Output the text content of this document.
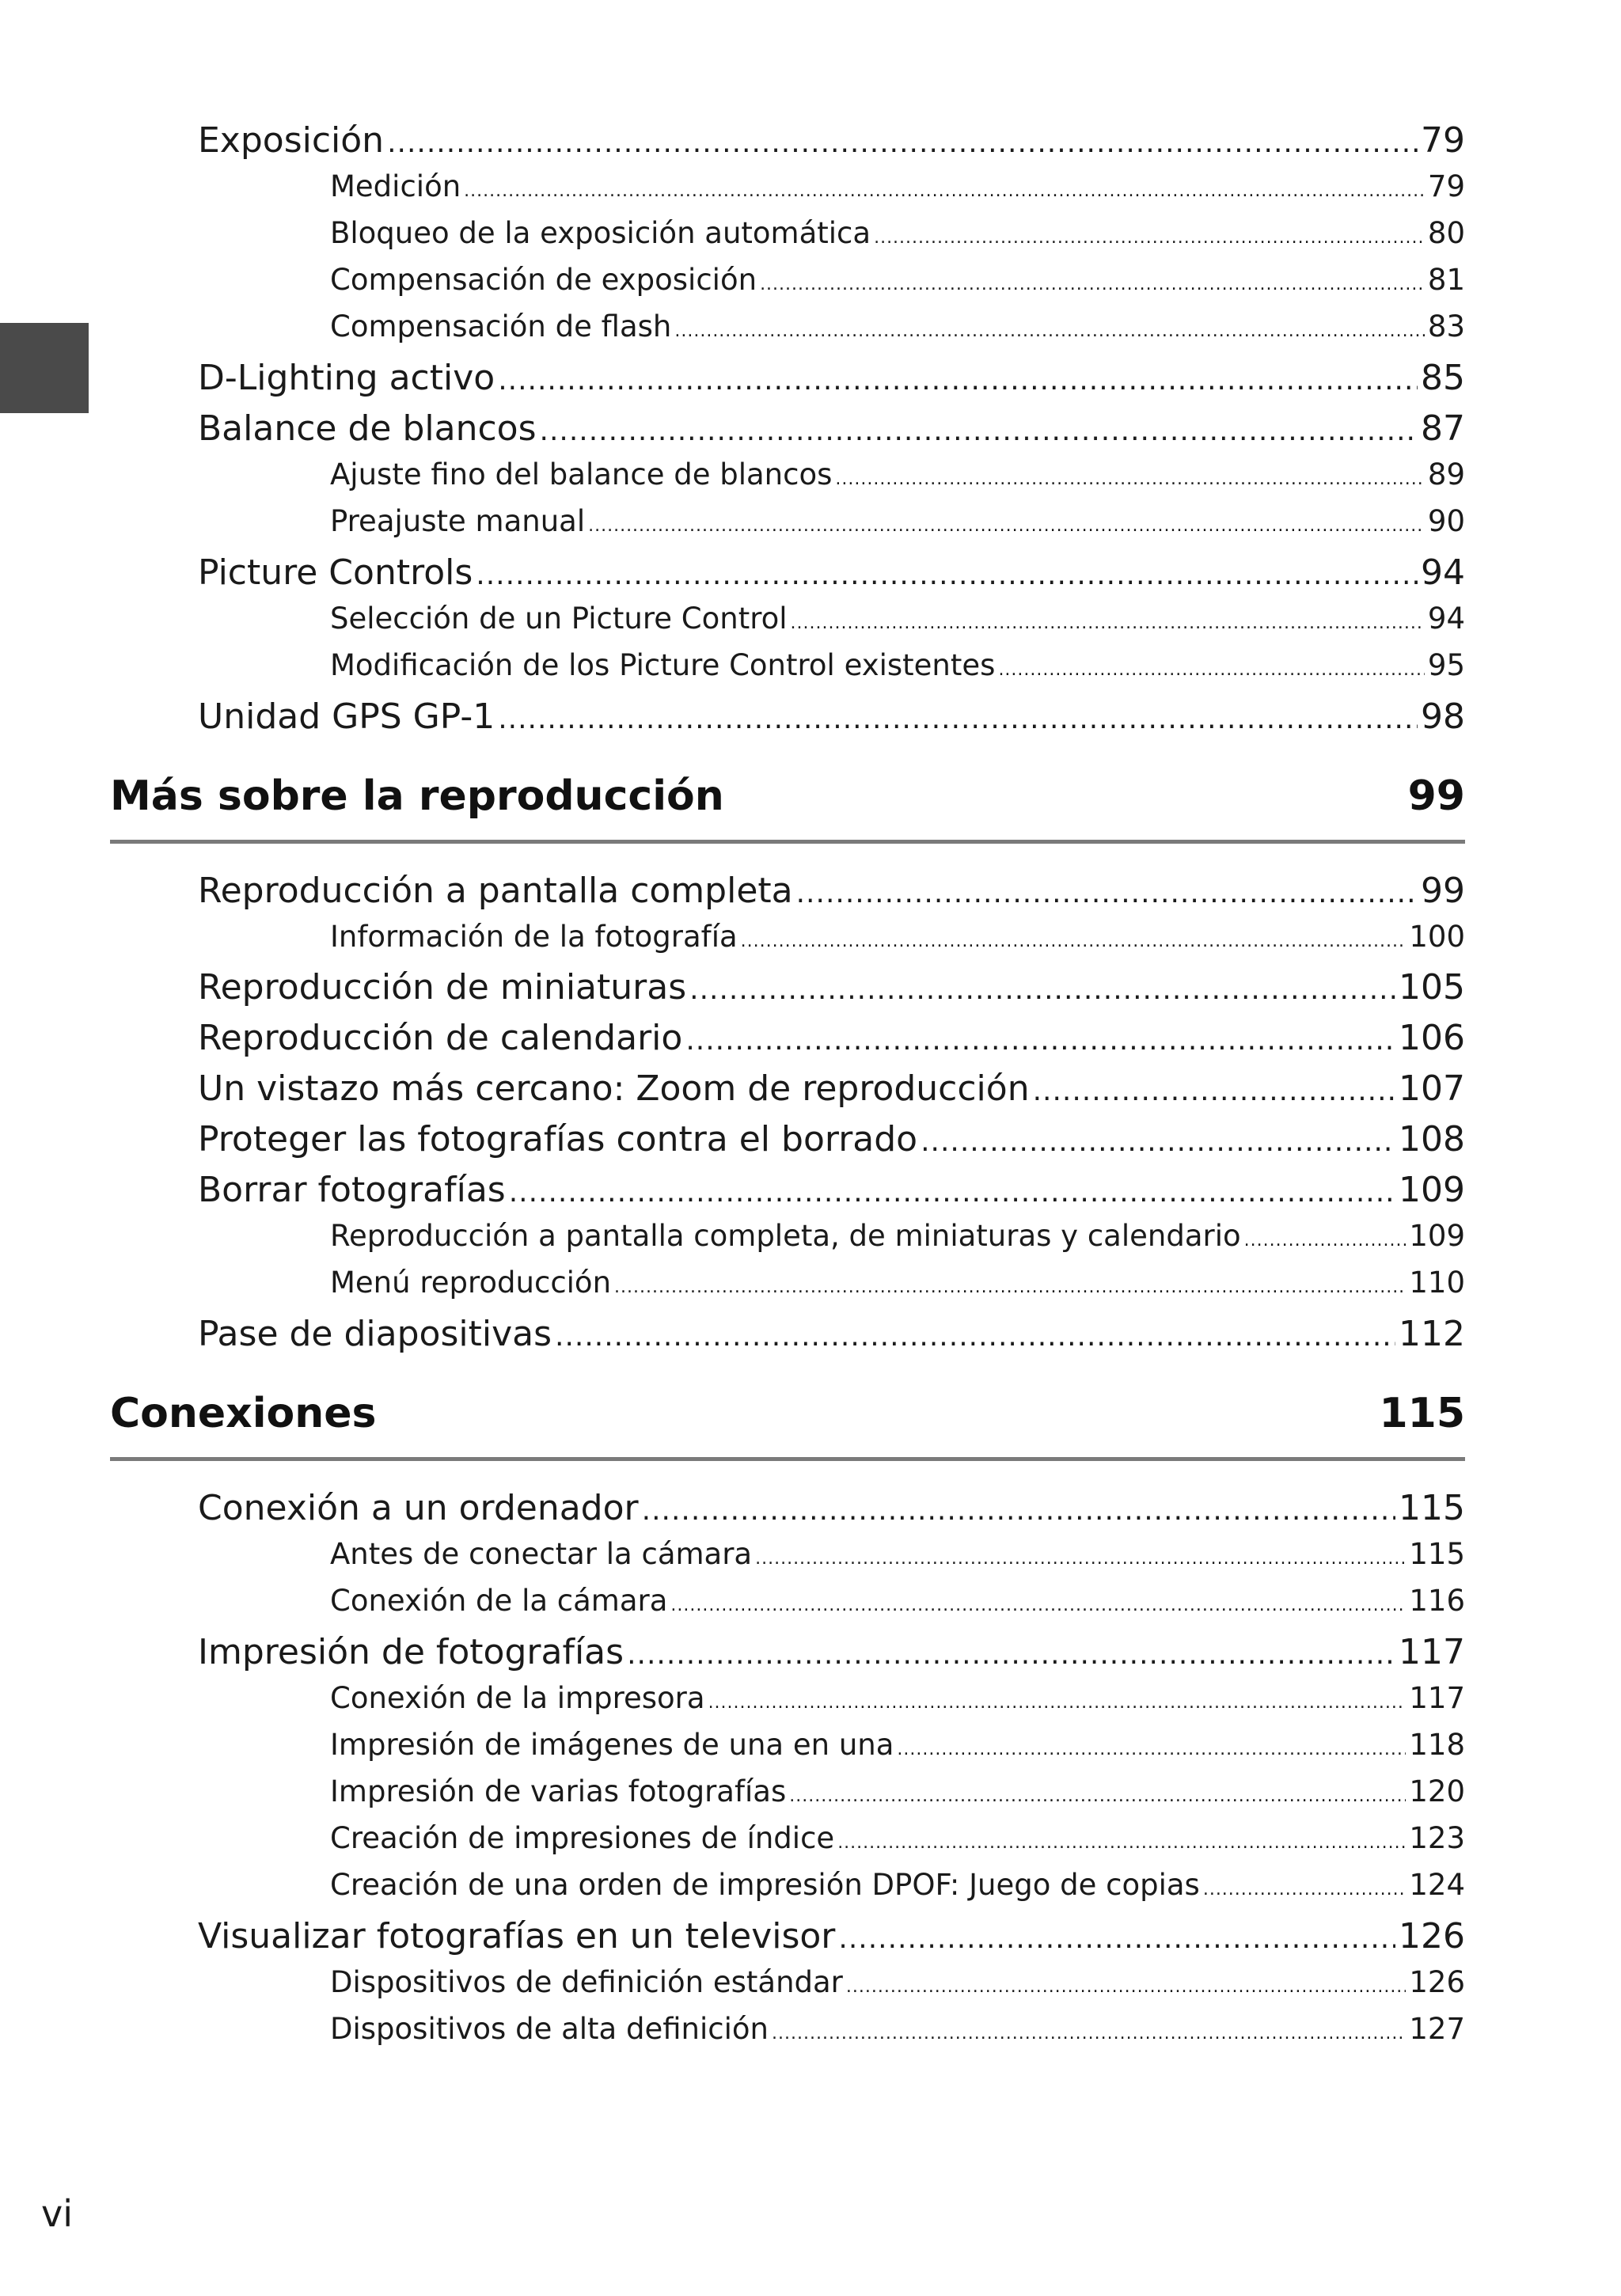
Exposición .....	79
Medición .....	79
Bloqueo de la exposición automática .....	80
Compensación de exposición .....	81
Compensación de flash .....	83
D-Lighting activo .....	85
Balance de blancos .....	87
Ajuste fino del balance de blancos .....	89
Preajuste manual .....	90
Picture Controls .....	94
Selección de un Picture Control .....	94
Modificación de los Picture Control existentes .....	95
Unidad GPS GP-1 .....	98
Más sobre la reproducción	99
Reproducción a pantalla completa .....	99
Información de la fotografía .....	100
Reproducción de miniaturas .....	105
Reproducción de calendario .....	106
Un vistazo más cercano: Zoom de reproducción .....	107
Proteger las fotografías contra el borrado .....	108
Borrar fotografías .....	109
Reproducción a pantalla completa, de miniaturas y calendario .....	109
Menú reproducción .....	110
Pase de diapositivas .....	112
Conexiones	115
Conexión a un ordenador .....	115
Antes de conectar la cámara .....	115
Conexión de la cámara .....	116
Impresión de fotografías .....	117
Conexión de la impresora .....	117
Impresión de imágenes de una en una .....	118
Impresión de varias fotografías .....	120
Creación de impresiones de índice .....	123
Creación de una orden de impresión DPOF: Juego de copias .....	124
Visualizar fotografías en un televisor .....	126
Dispositivos de definición estándar .....	126
Dispositivos de alta definición .....	127
vi
